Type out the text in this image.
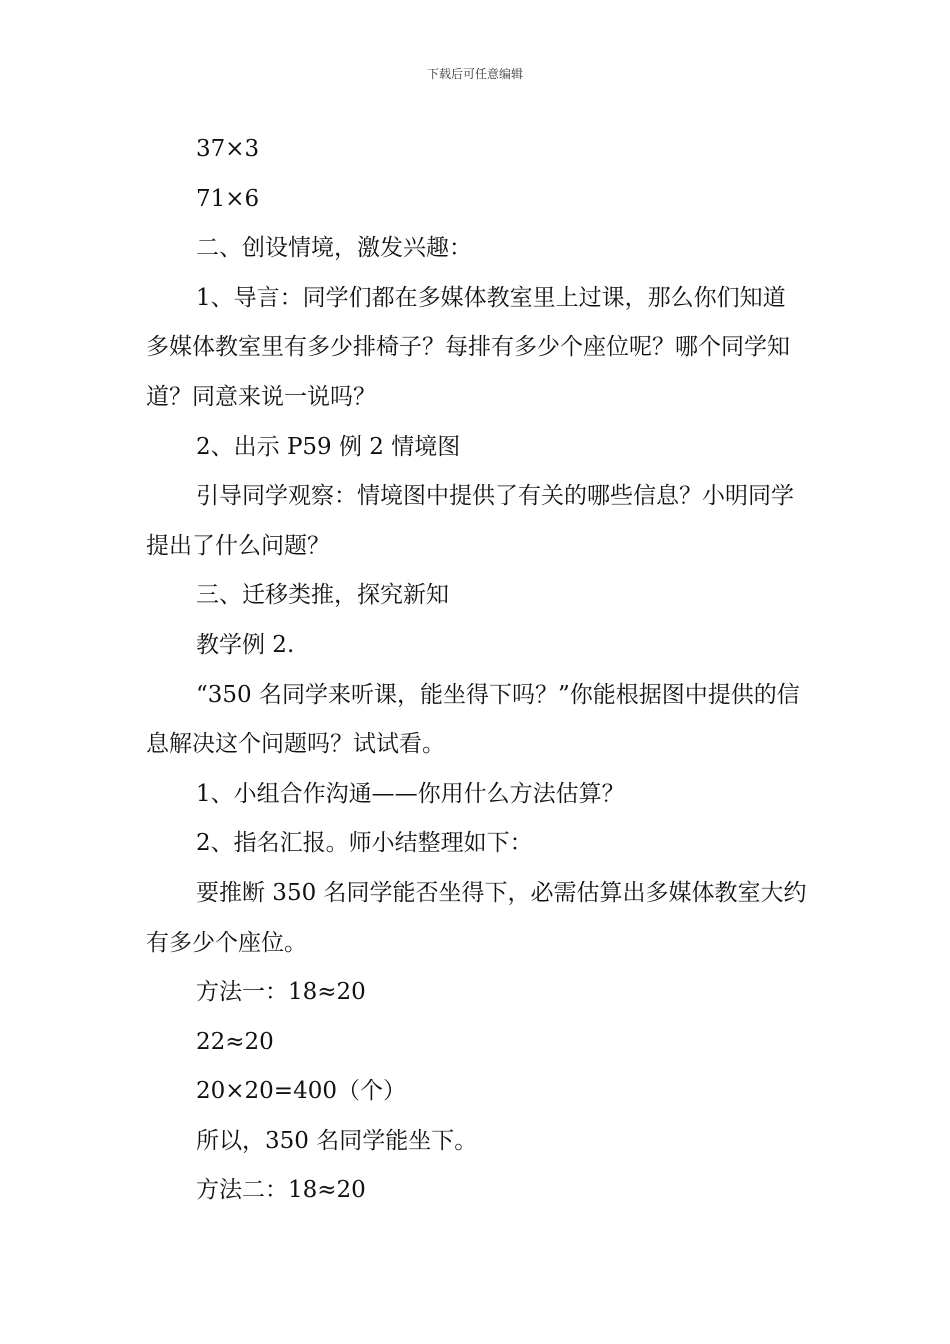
下载后可任意编辑

37×3

71×6

二、创设情境，激发兴趣：

1、导言：同学们都在多媒体教室里上过课，那么你们知道多媒体教室里有多少排椅子？每排有多少个座位呢？哪个同学知道？同意来说一说吗？

2、出示 P59 例 2 情境图

引导同学观察：情境图中提供了有关的哪些信息？小明同学提出了什么问题？

三、迁移类推，探究新知

教学例 2.

“350 名同学来听课，能坐得下吗？”你能根据图中提供的信息解决这个问题吗？试试看。

1、小组合作沟通——你用什么方法估算？

2、指名汇报。师小结整理如下：

要推断 350 名同学能否坐得下，必需估算出多媒体教室大约有多少个座位。

方法一：18≈20

22≈20

20×20=400（个）

所以，350 名同学能坐下。

方法二：18≈20
